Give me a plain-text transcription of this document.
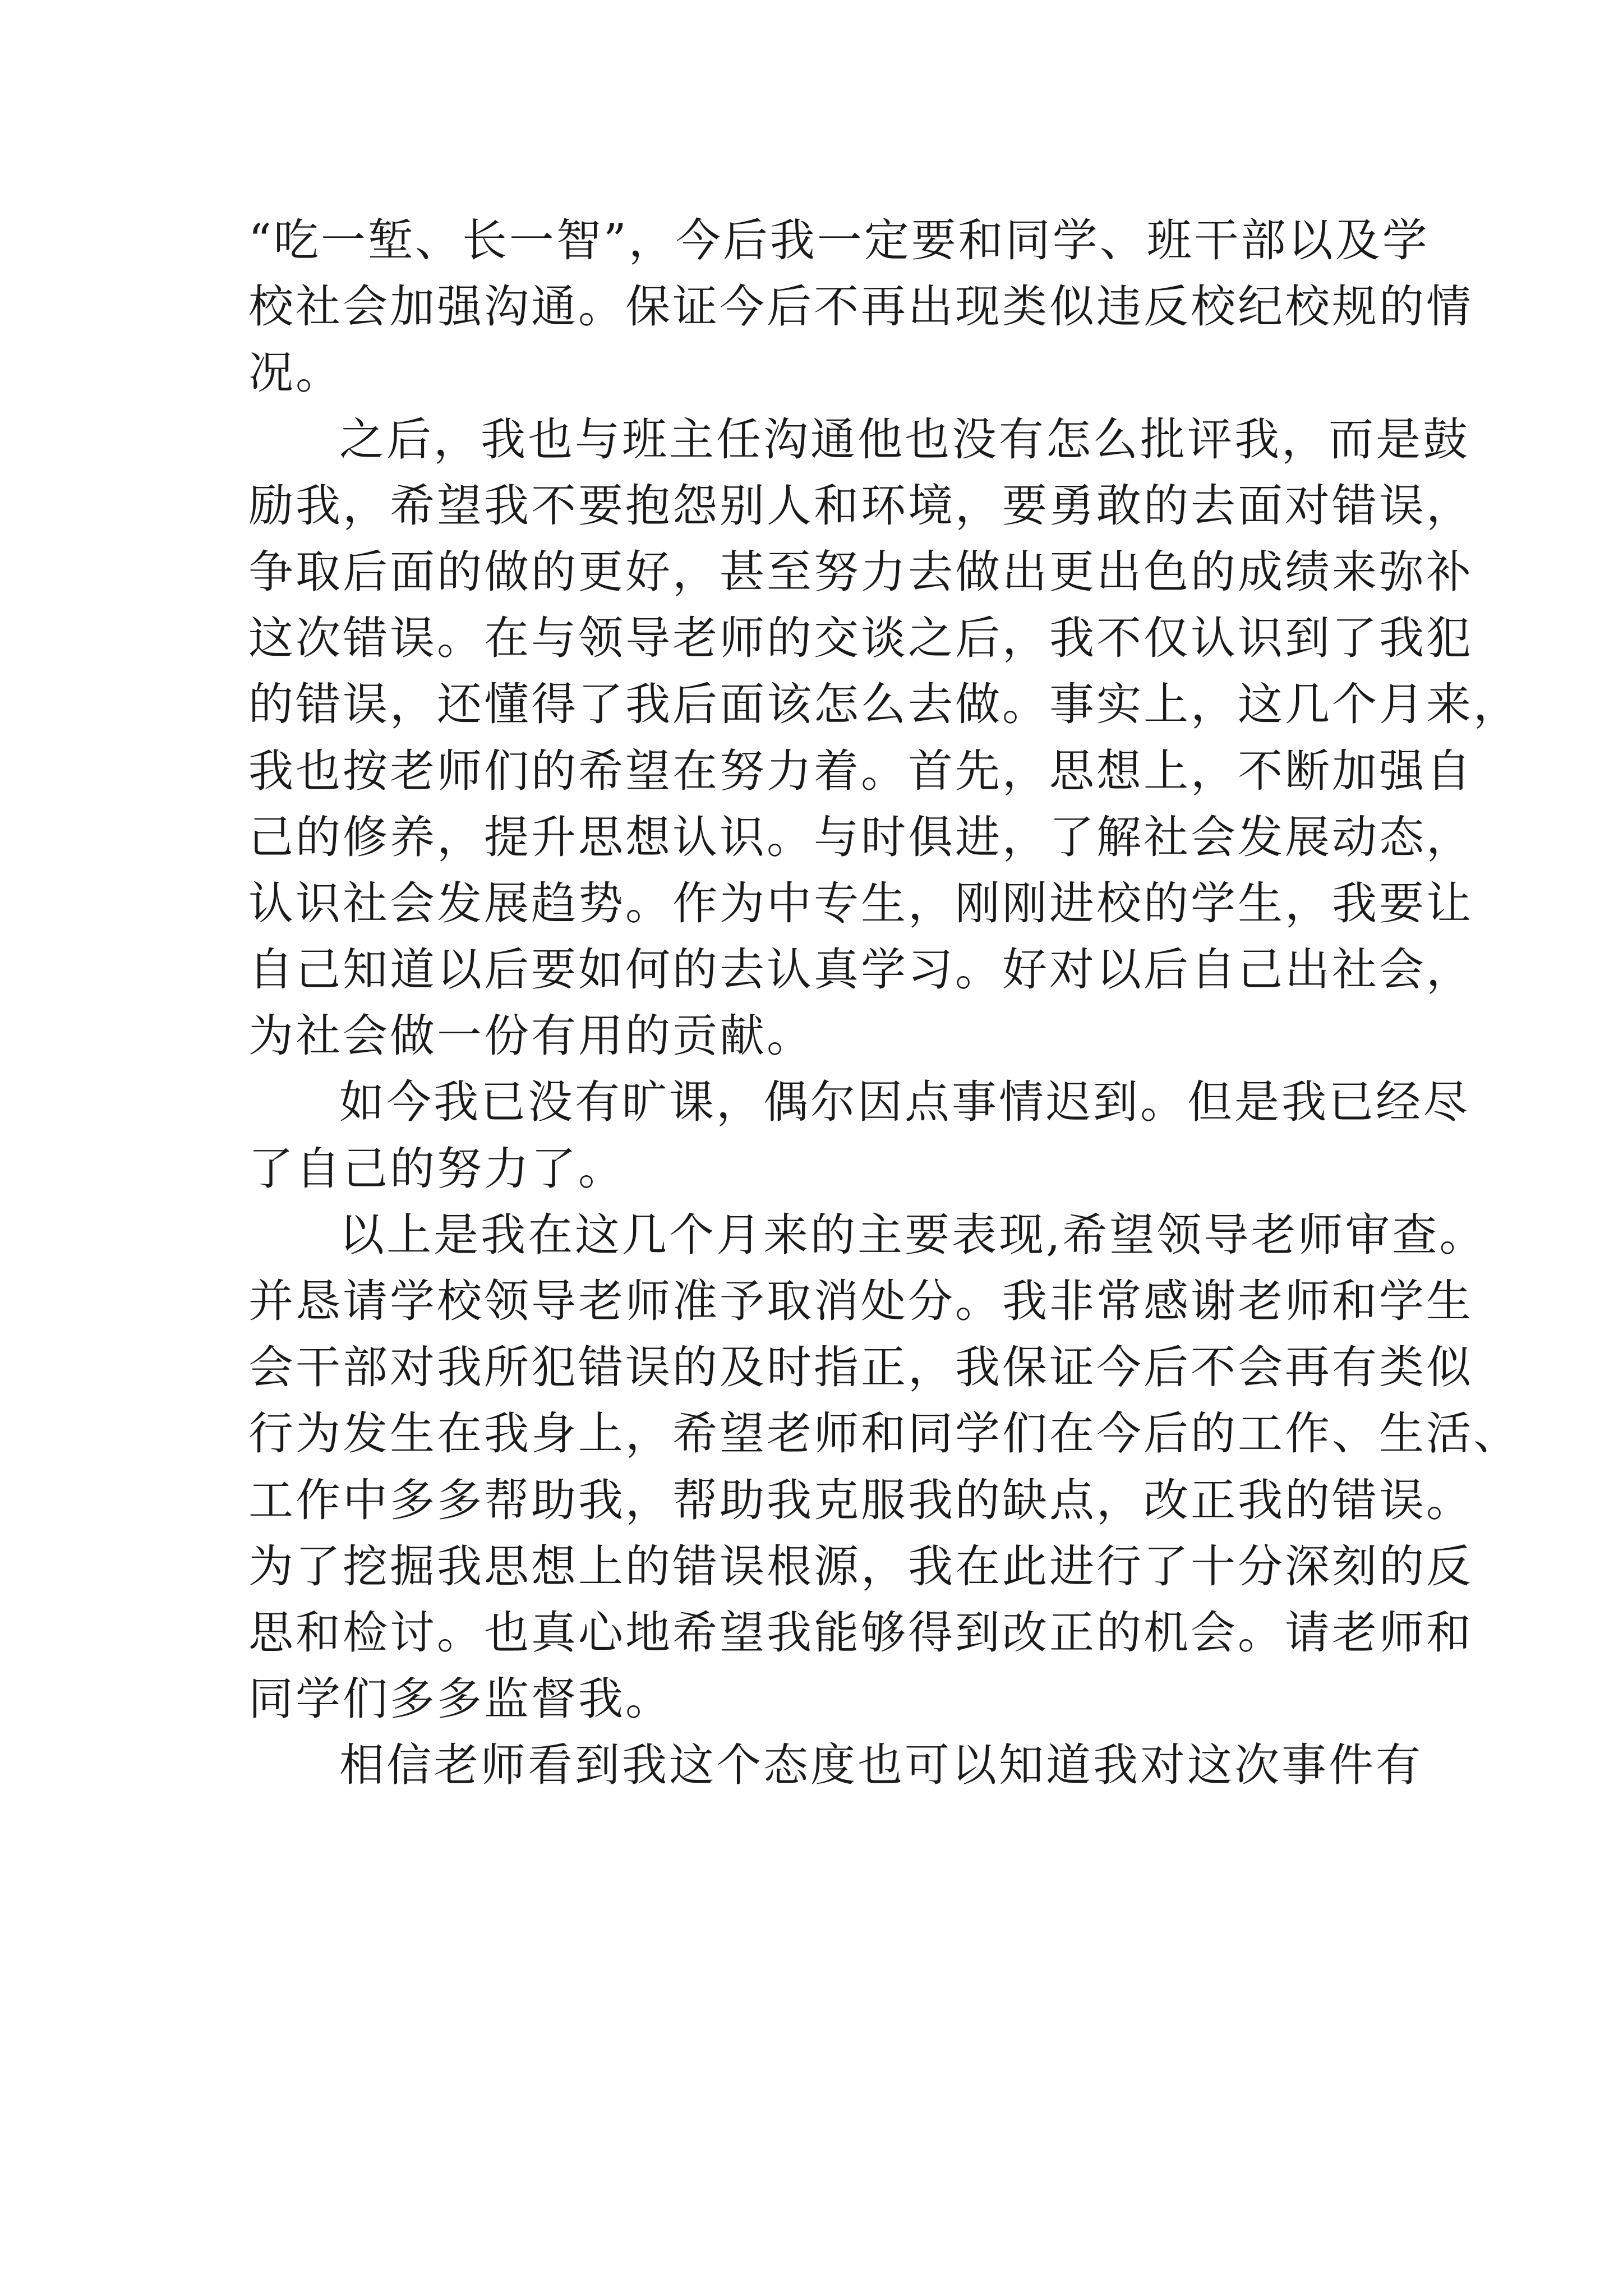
“吃一堑、长一智”，今后我一定要和同学、班干部以及学
校社会加强沟通。保证今后不再出现类似违反校纪校规的情
况。
之后，我也与班主任沟通他也没有怎么批评我，而是鼓
励我，希望我不要抱怨别人和环境，要勇敢的去面对错误，
争取后面的做的更好，甚至努力去做出更出色的成绩来弥补
这次错误。在与领导老师的交谈之后，我不仅认识到了我犯
的错误，还懂得了我后面该怎么去做。事实上，这几个月来，
我也按老师们的希望在努力着。首先，思想上，不断加强自
己的修养，提升思想认识。与时俱进，了解社会发展动态，
认识社会发展趋势。作为中专生，刚刚进校的学生，我要让
自己知道以后要如何的去认真学习。好对以后自己出社会，
为社会做一份有用的贡献。
如今我已没有旷课，偶尔因点事情迟到。但是我已经尽
了自己的努力了。
以上是我在这几个月来的主要表现,希望领导老师审查。
并恳请学校领导老师准予取消处分。我非常感谢老师和学生
会干部对我所犯错误的及时指正，我保证今后不会再有类似
行为发生在我身上，希望老师和同学们在今后的工作、生活、
工作中多多帮助我，帮助我克服我的缺点，改正我的错误。
为了挖掘我思想上的错误根源，我在此进行了十分深刻的反
思和检讨。也真心地希望我能够得到改正的机会。请老师和
同学们多多监督我。
相信老师看到我这个态度也可以知道我对这次事件有
